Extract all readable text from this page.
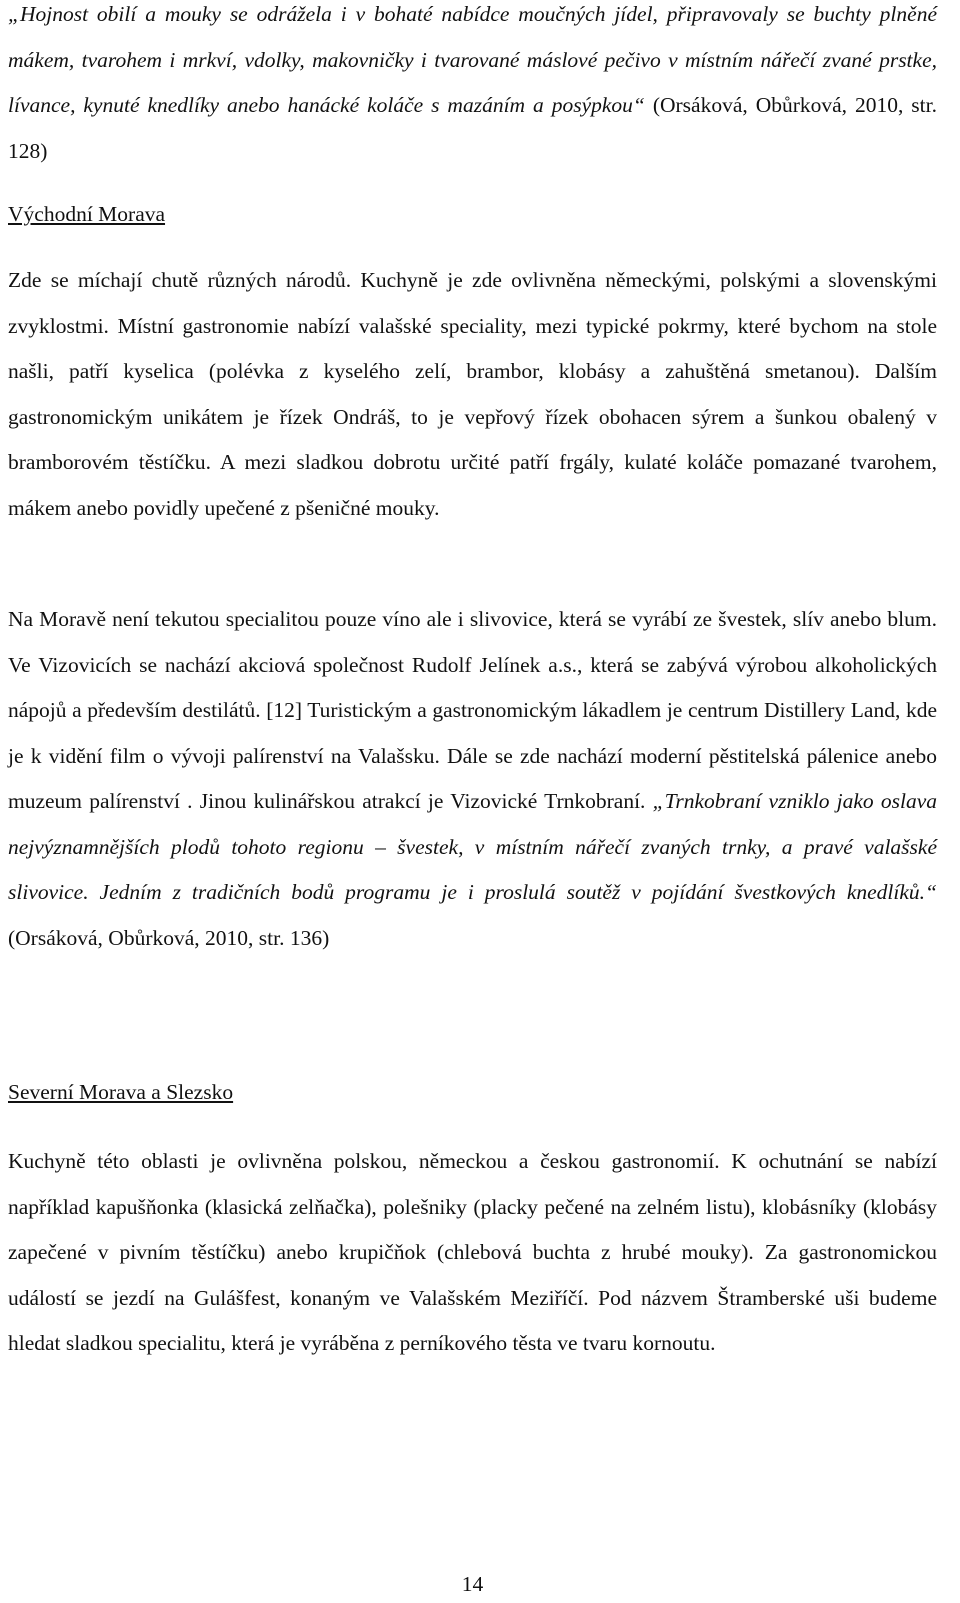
„Hojnost obilí a mouky se odrážela i v bohaté nabídce moučných jídel, připravovaly se buchty plněné mákem, tvarohem i mrkví, vdolky, makovničky i tvarované máslové pečivo v místním nářečí zvané prstke, lívance, kynuté knedlíky anebo hanácké koláče s mazáním a posýpkou“ (Orsáková, Obůrková, 2010, str. 128)

Východní Morava

Zde se míchají chutě různých národů. Kuchyně je zde ovlivněna německými, polskými a slovenskými zvyklostmi. Místní gastronomie nabízí valašské speciality, mezi typické pokrmy, které bychom na stole našli, patří kyselica (polévka z kyselého zelí, brambor, klobásy a zahuštěná smetanou). Dalším gastronomickým unikátem je řízek Ondráš, to je vepřový řízek obohacen sýrem a šunkou obalený v bramborovém těstíčku. A mezi sladkou dobrotu určité patří frgály, kulaté koláče pomazané tvarohem, mákem anebo povidly upečené z pšeničné mouky.

Na Moravě není tekutou specialitou pouze víno ale i slivovice, která se vyrábí ze švestek, slív anebo blum. Ve Vizovicích se nachází akciová společnost Rudolf Jelínek a.s., která se zabývá výrobou alkoholických nápojů a především destilátů. [12] Turistickým a gastronomickým lákadlem je centrum Distillery Land, kde je k vidění film o vývoji palírenství na Valašsku. Dále se zde nachází moderní pěstitelská pálenice anebo muzeum palírenství . Jinou kulinářskou atrakcí je Vizovické Trnkobraní. „Trnkobraní vzniklo jako oslava nejvýznamnějších plodů tohoto regionu – švestek, v místním nářečí zvaných trnky, a pravé valašské slivovice. Jedním z tradičních bodů programu je i proslulá soutěž v pojídání švestkových knedlíků.“ (Orsáková, Obůrková, 2010, str. 136)

Severní Morava a Slezsko

Kuchyně této oblasti je ovlivněna polskou, německou a českou gastronomií. K ochutnání se nabízí například kapušňonka (klasická zelňačka), polešniky (placky pečené na zelném listu), klobásníky (klobásy zapečené v pivním těstíčku) anebo krupičňok (chlebová buchta z hrubé mouky). Za gastronomickou událostí se jezdí na Gulášfest, konaným ve Valašském Meziříčí. Pod názvem Štramberské uši budeme hledat sladkou specialitu, která je vyráběna z perníkového těsta ve tvaru kornoutu.

14
